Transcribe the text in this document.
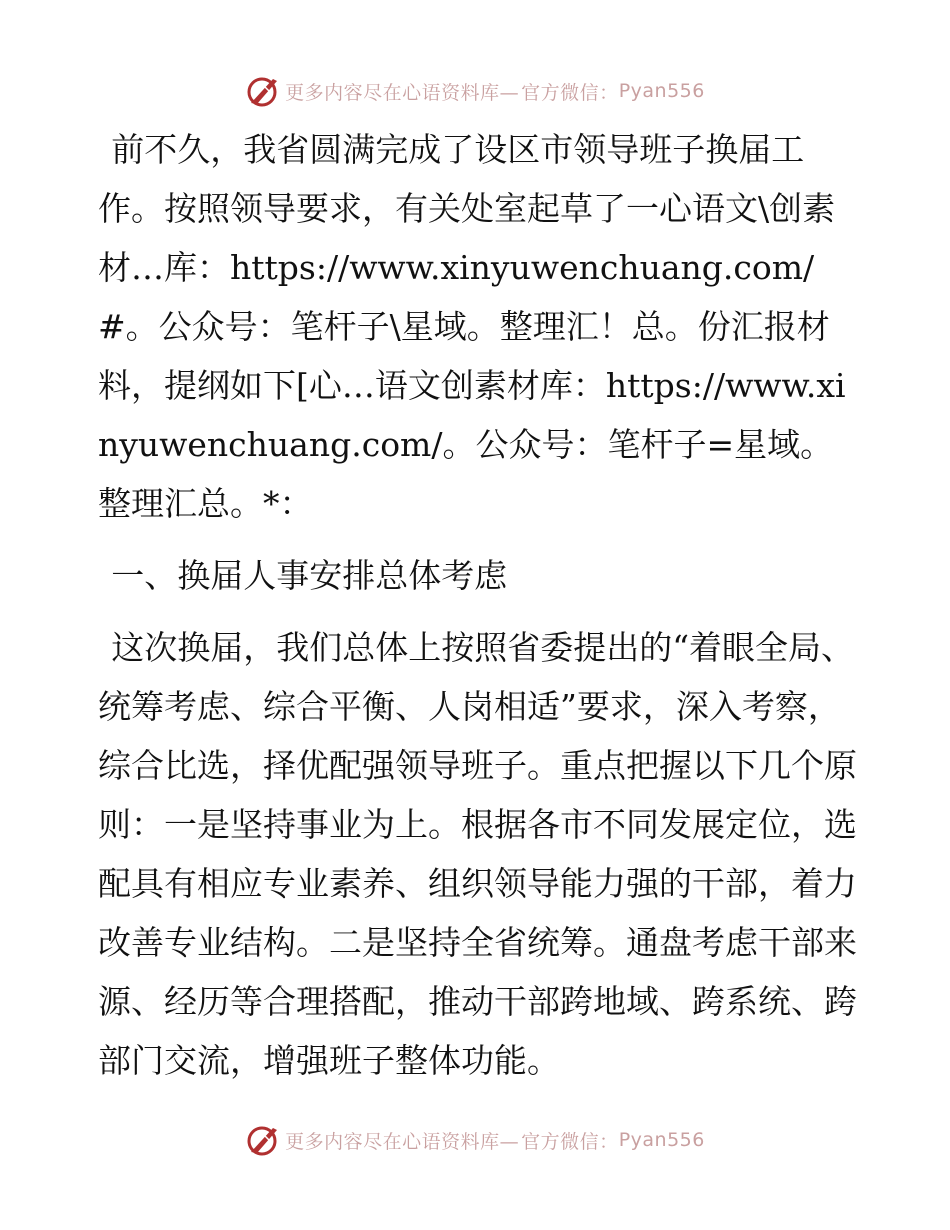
更多内容尽在心语资料库— 官方微信： Pyan556

前不久，我省圆满完成了设区市领导班子换届工作。按照领导要求，有关处室起草了一心语文\创素材…库：https://www.xinyuwenchuang.com/#。公众号：笔杆子\星域。整理汇！总。份汇报材料，提纲如下[心…语文创素材库：https://www.xinyuwenchuang.com/。公众号：笔杆子=星域。整理汇总。*：

一、换届人事安排总体考虑

这次换届，我们总体上按照省委提出的“着眼全局、统筹考虑、综合平衡、人岗相适”要求，深入考察，综合比选，择优配强领导班子。重点把握以下几个原则：一是坚持事业为上。根据各市不同发展定位，选配具有相应专业素养、组织领导能力强的干部，着力改善专业结构。二是坚持全省统筹。通盘考虑干部来源、经历等合理搭配，推动干部跨地域、跨系统、跨部门交流，增强班子整体功能。

更多内容尽在心语资料库— 官方微信： Pyan556
